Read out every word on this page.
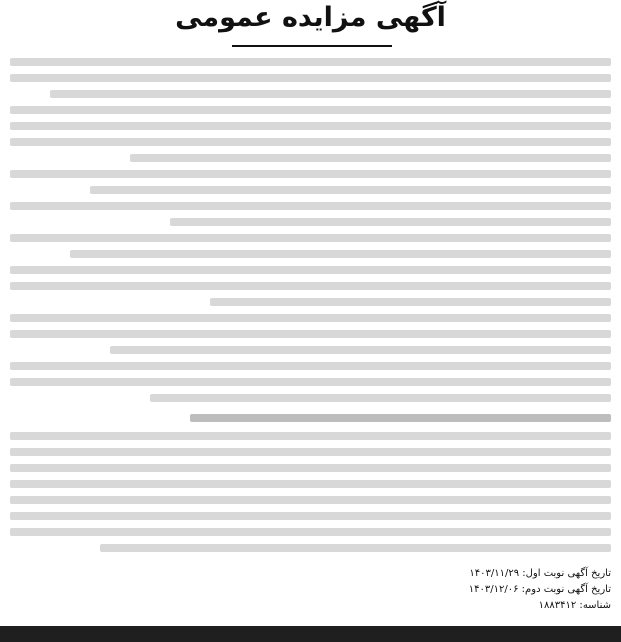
آگهی مزایده عمومی
تاریخ آگهی نوبت اول: ۱۴۰۳/۱۱/۲۹
تاریخ آگهی نوبت دوم: ۱۴۰۳/۱۲/۰۶
شناسه: ۱۸۸۳۴۱۲
